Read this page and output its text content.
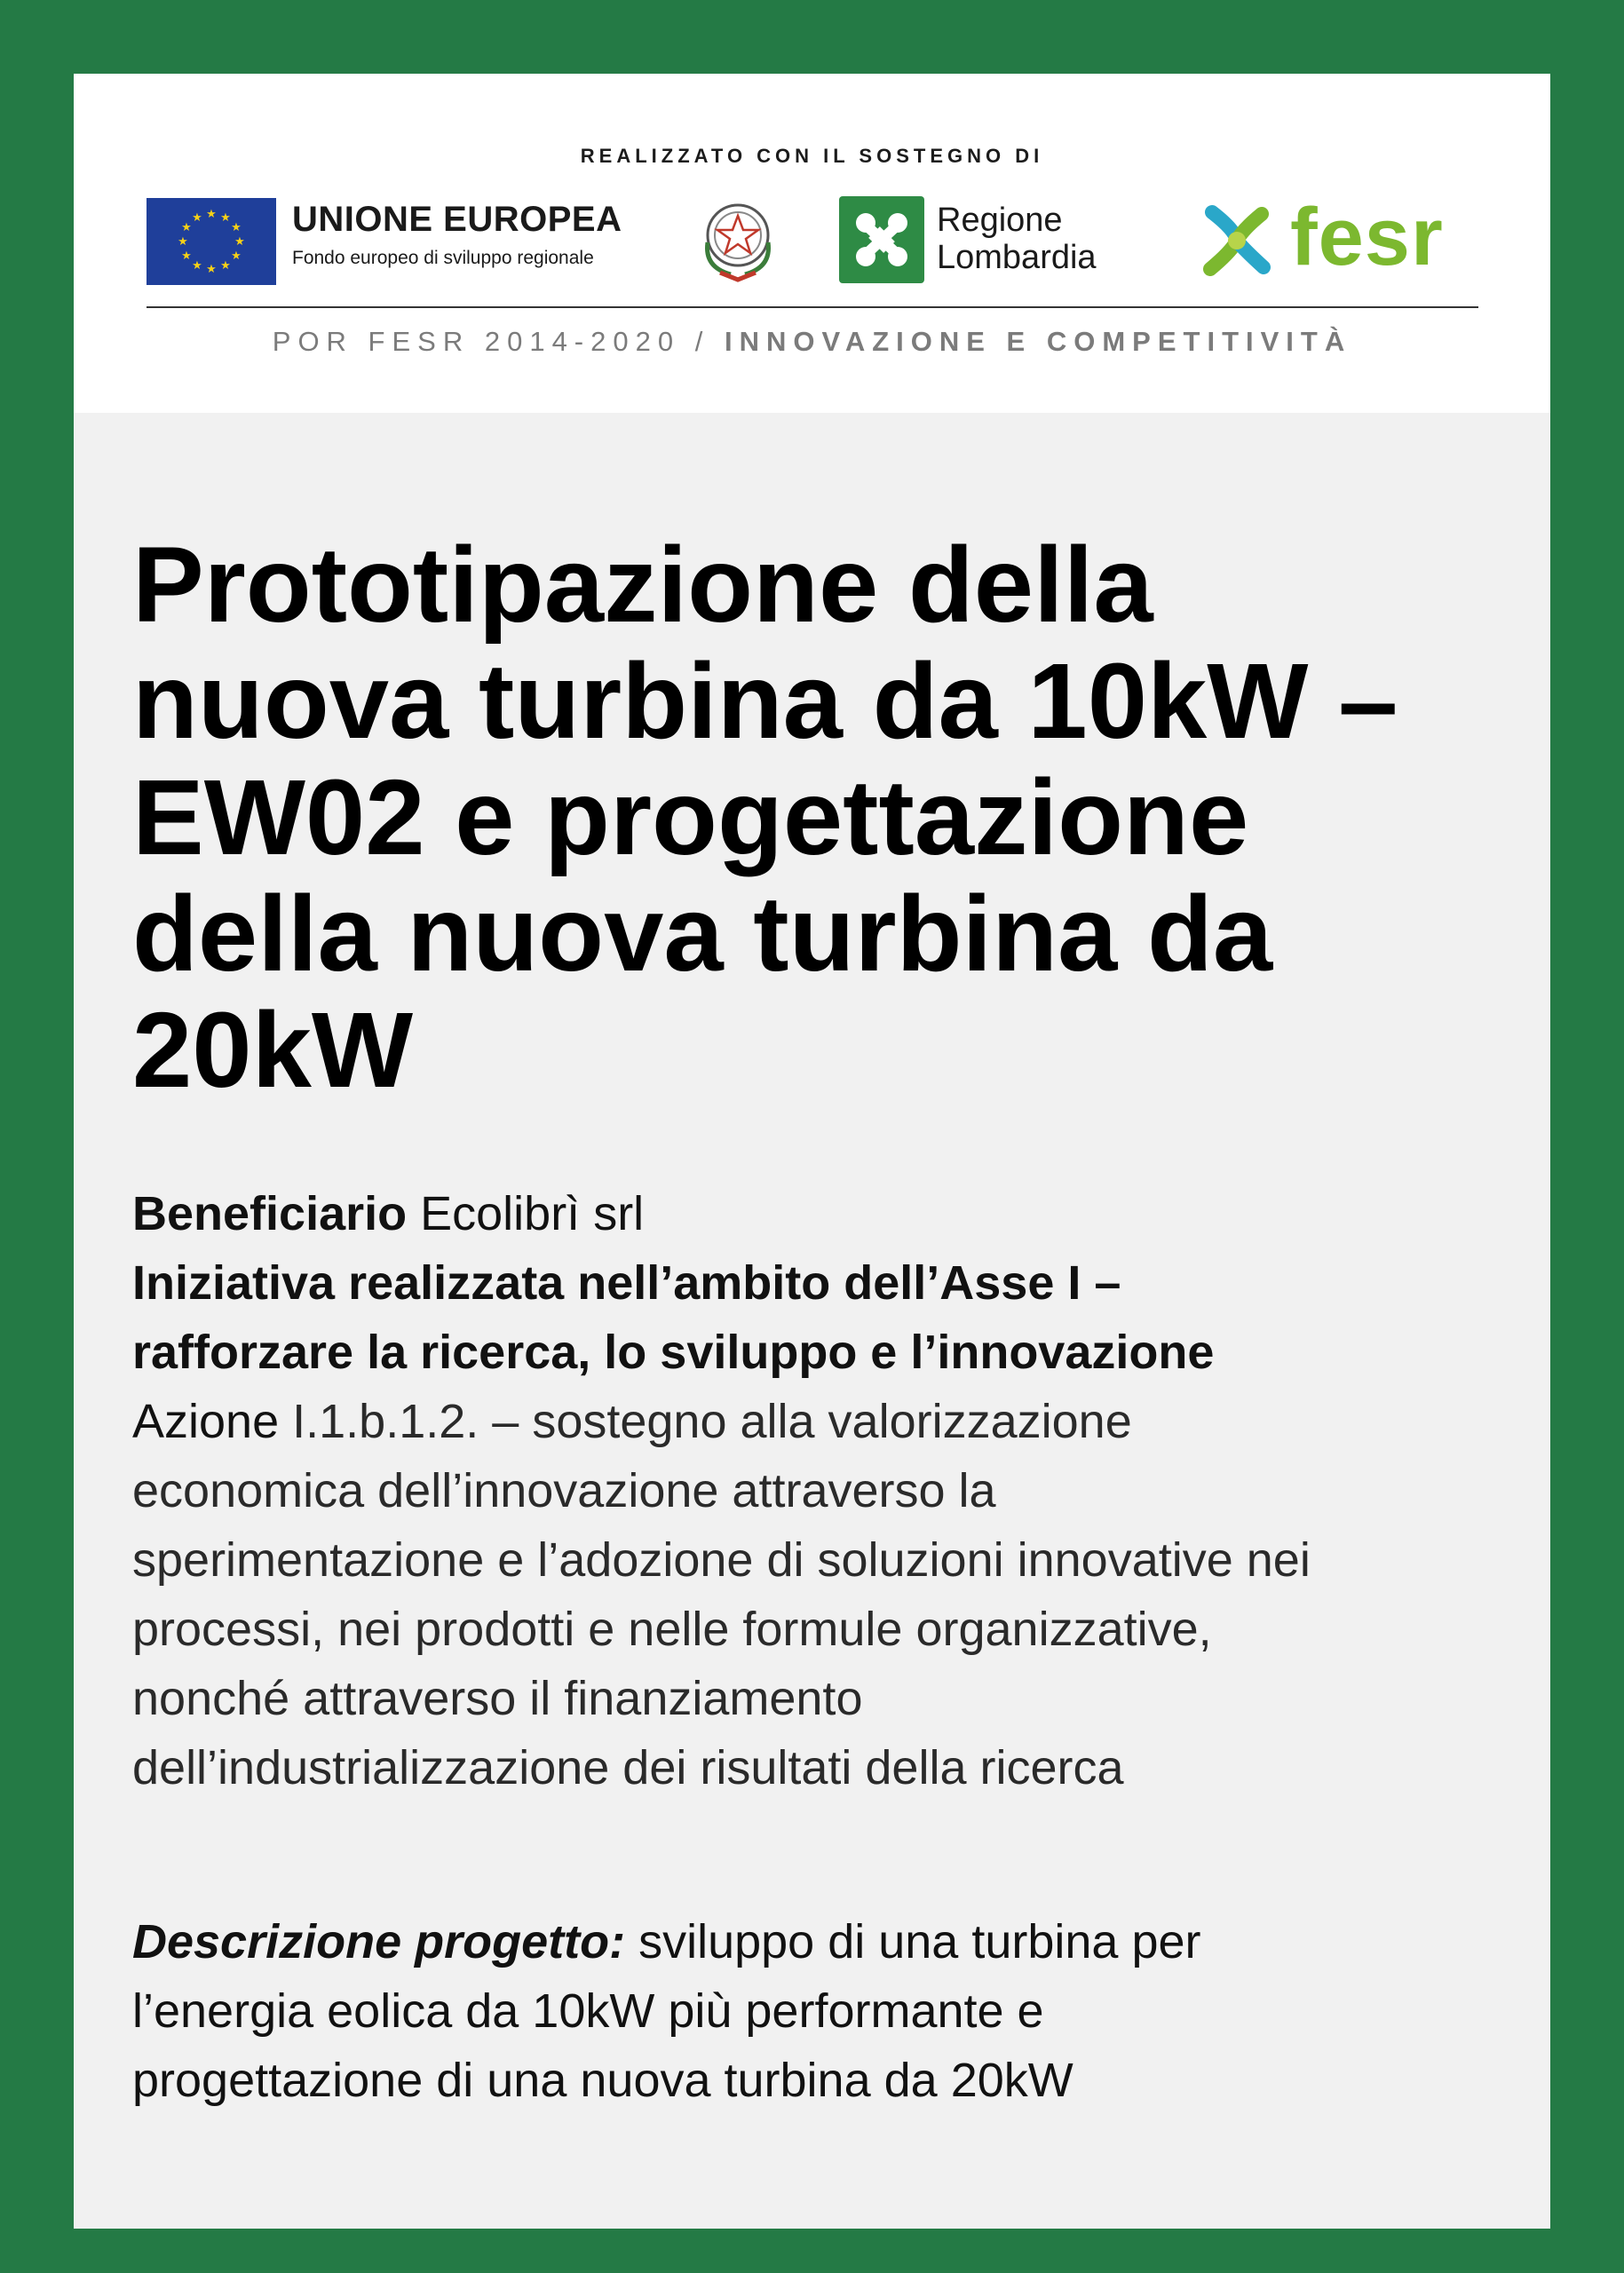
REALIZZATO CON IL SOSTEGNO DI
★ ★
★
★
★
★
★
★
★
★
★
★	UNIONE EUROPEA
Fondo europeo di sviluppo regionale
Regione
Lombardia fesr
POR FESR 2014-2020 / INNOVAZIONE E COMPETITIVITÀ
Prototipazione della
nuova turbina da 10kW –
EW02 e progettazione
della nuova turbina da
20kW
Beneficiario Ecolibrì srl
Iniziativa realizzata nell’ambito dell’Asse I –
rafforzare la ricerca, lo sviluppo e l’innovazione
Azione I.1.b.1.2. – sostegno alla valorizzazione
economica dell’innovazione attraverso la
sperimentazione e l’adozione di soluzioni innovative nei
processi, nei prodotti e nelle formule organizzative,
nonché attraverso il finanziamento
dell’industrializzazione dei risultati della ricerca
Descrizione progetto: sviluppo di una turbina per
l’energia eolica da 10kW più performante e
progettazione di una nuova turbina da 20kW
